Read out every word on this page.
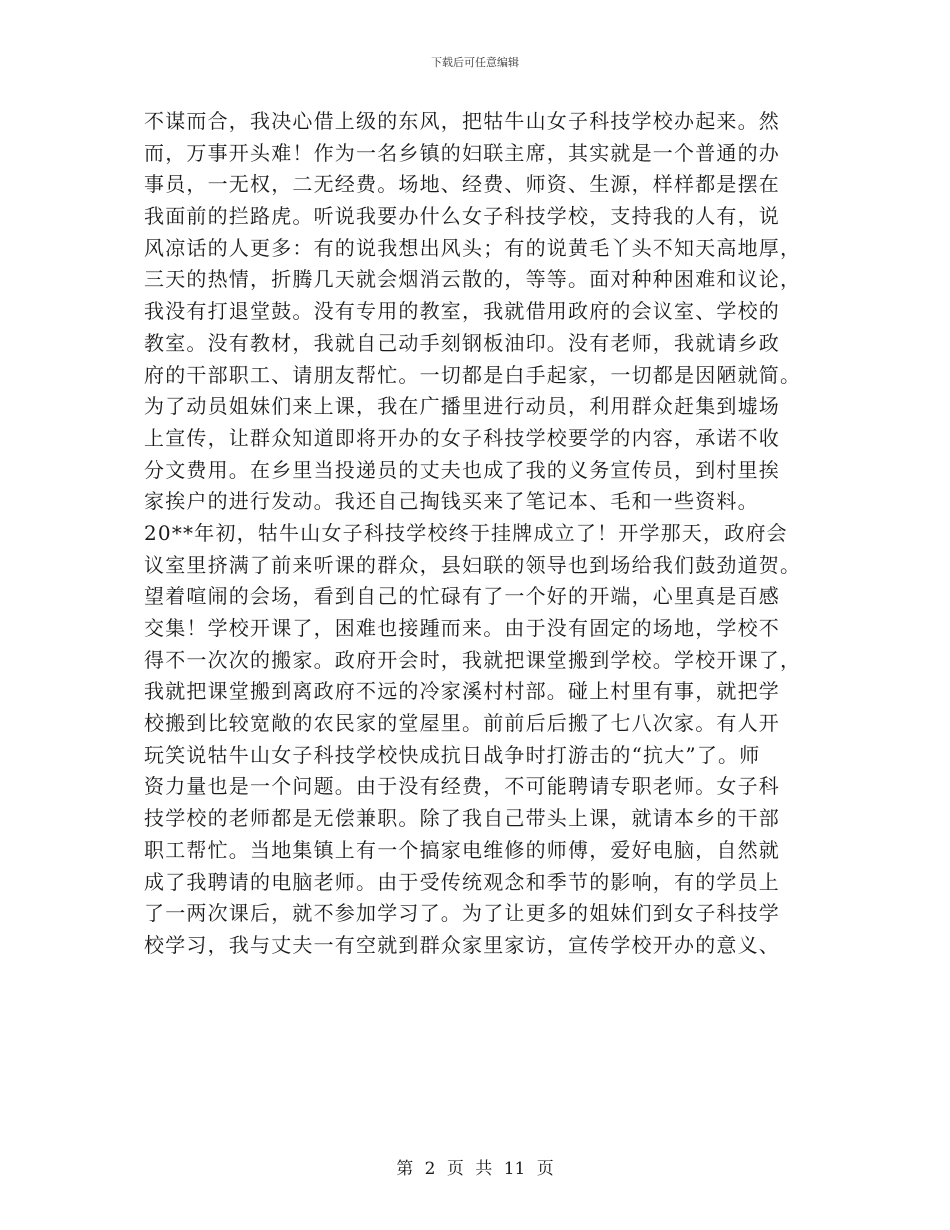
下载后可任意编辑
不谋而合，我决心借上级的东风，把牯牛山女子科技学校办起来。然
而，万事开头难！作为一名乡镇的妇联主席，其实就是一个普通的办
事员，一无权，二无经费。场地、经费、师资、生源，样样都是摆在
我面前的拦路虎。听说我要办什么女子科技学校，支持我的人有，说
风凉话的人更多：有的说我想出风头；有的说黄毛丫头不知天高地厚，
三天的热情，折腾几天就会烟消云散的，等等。面对种种困难和议论，
我没有打退堂鼓。没有专用的教室，我就借用政府的会议室、学校的
教室。没有教材，我就自己动手刻钢板油印。没有老师，我就请乡政
府的干部职工、请朋友帮忙。一切都是白手起家，一切都是因陋就简。
为了动员姐妹们来上课，我在广播里进行动员，利用群众赶集到墟场
上宣传，让群众知道即将开办的女子科技学校要学的内容，承诺不收
分文费用。在乡里当投递员的丈夫也成了我的义务宣传员，到村里挨
家挨户的进行发动。我还自己掏钱买来了笔记本、毛和一些资料。
20**年初，牯牛山女子科技学校终于挂牌成立了！开学那天，政府会
议室里挤满了前来听课的群众，县妇联的领导也到场给我们鼓劲道贺。
望着喧闹的会场，看到自己的忙碌有了一个好的开端，心里真是百感
交集！学校开课了，困难也接踵而来。由于没有固定的场地，学校不
得不一次次的搬家。政府开会时，我就把课堂搬到学校。学校开课了，
我就把课堂搬到离政府不远的冷家溪村村部。碰上村里有事，就把学
校搬到比较宽敞的农民家的堂屋里。前前后后搬了七八次家。有人开
玩笑说牯牛山女子科技学校快成抗日战争时打游击的“抗大”了。师
资力量也是一个问题。由于没有经费，不可能聘请专职老师。女子科
技学校的老师都是无偿兼职。除了我自己带头上课，就请本乡的干部
职工帮忙。当地集镇上有一个搞家电维修的师傅，爱好电脑，自然就
成了我聘请的电脑老师。由于受传统观念和季节的影响，有的学员上
了一两次课后，就不参加学习了。为了让更多的姐妹们到女子科技学
校学习，我与丈夫一有空就到群众家里家访，宣传学校开办的意义、
第 2 页 共 11 页
